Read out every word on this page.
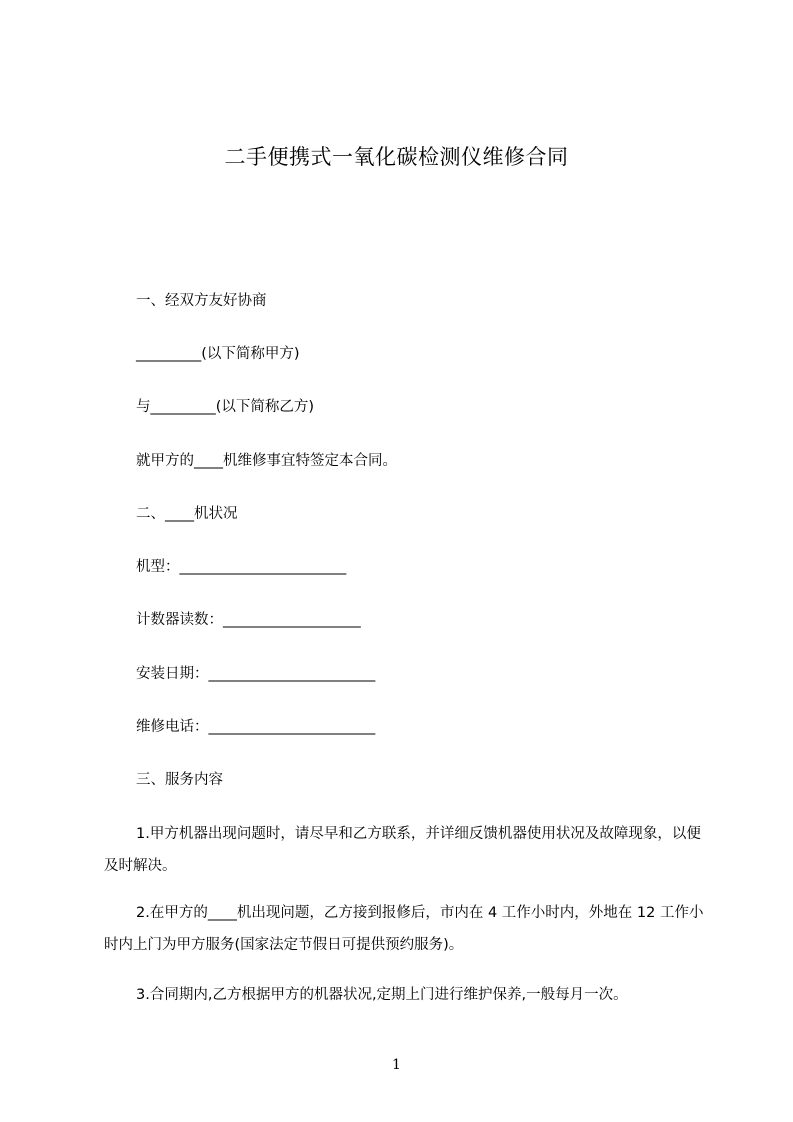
二手便携式一氧化碳检测仪维修合同
一、经双方友好协商
_________(以下简称甲方)
与_________(以下简称乙方)
就甲方的____机维修事宜特签定本合同。
二、____机状况
机型：_______________________
计数器读数：___________________
安装日期：_______________________
维修电话：_______________________
三、服务内容
1.甲方机器出现问题时，请尽早和乙方联系，并详细反馈机器使用状况及故障现象，以便及时解决。
2.在甲方的____机出现问题，乙方接到报修后，市内在 4 工作小时内，外地在 12 工作小时内上门为甲方服务(国家法定节假日可提供预约服务)。
3.合同期内,乙方根据甲方的机器状况,定期上门进行维护保养,一般每月一次。
1
